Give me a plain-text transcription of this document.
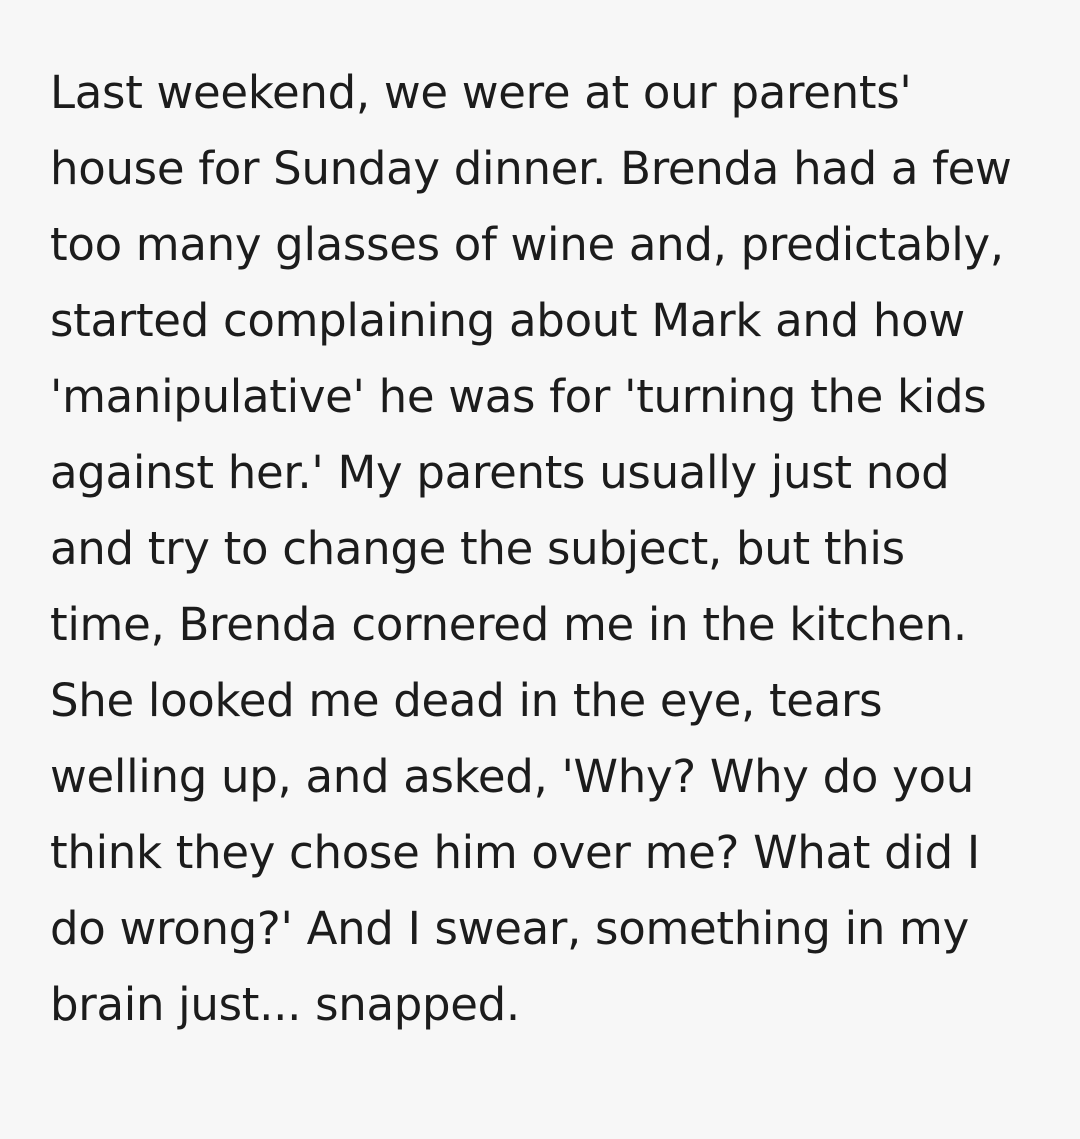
Last weekend, we were at our parents' house for Sunday dinner. Brenda had a few too many glasses of wine and, predictably, started complaining about Mark and how 'manipulative' he was for 'turning the kids against her.' My parents usually just nod and try to change the subject, but this time, Brenda cornered me in the kitchen. She looked me dead in the eye, tears welling up, and asked, 'Why? Why do you think they chose him over me? What did I do wrong?' And I swear, something in my brain just... snapped.
